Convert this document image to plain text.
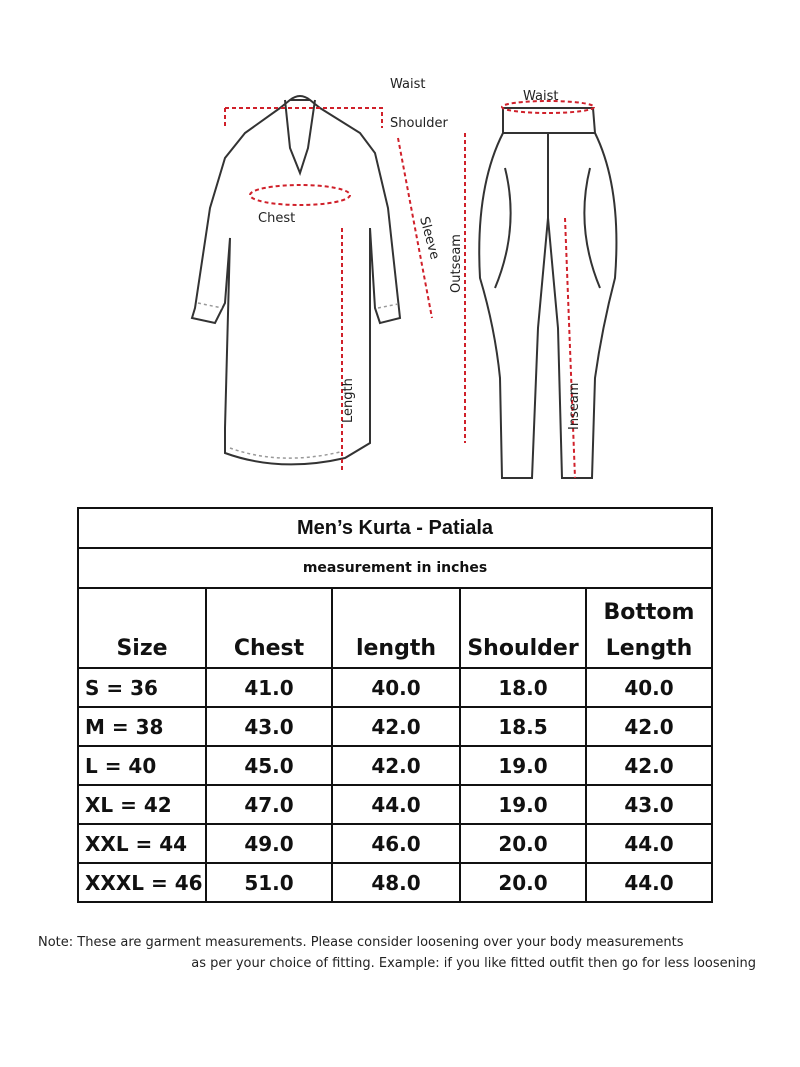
Waist
Waist
Shoulder
Chest	Sleeve
Length
Outseam
Inseam
Men’s Kurta - Patiala				
measurement in inches				
Size	Chest	length	Shoulder	Bottom
Length
S = 36	41.0	40.0	18.0	40.0
M = 38	43.0	42.0	18.5	42.0
L = 40	45.0	42.0	19.0	42.0
XL = 42	47.0	44.0	19.0	43.0
XXL = 44	49.0	46.0	20.0	44.0
XXXL = 46	51.0	48.0	20.0	44.0
Note: These are garment measurements. Please consider loosening over your body measurements
as per your choice of fitting. Example: if you like fitted outfit then go for less loosening
